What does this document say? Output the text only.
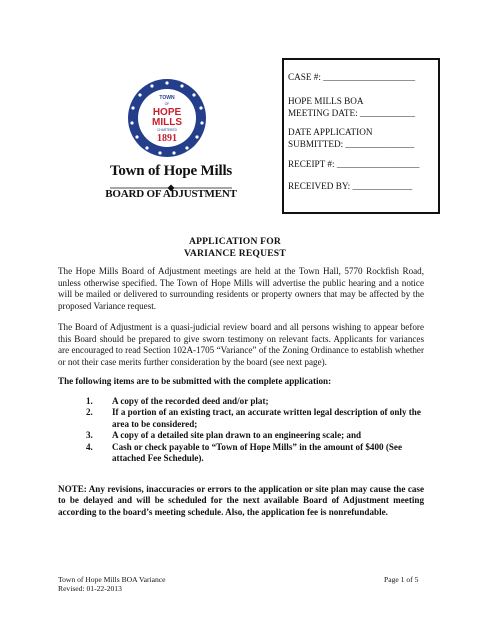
TOWN
OF
HOPE
MILLS
CHARTERED
1891
Town of Hope Mills
BOARD OF ADJUSTMENT
CASE #: ____________________
HOPE MILLS BOA
MEETING DATE: ____________
DATE APPLICATION
SUBMITTED: _______________
RECEIPT #: __________________
RECEIVED BY: _____________
APPLICATION FOR
VARIANCE REQUEST
The Hope Mills Board of Adjustment meetings are held at the Town Hall, 5770 Rockfish Road, unless otherwise specified. The Town of Hope Mills will advertise the public hearing and a notice will be mailed or delivered to surrounding residents or property owners that may be affected by the proposed Variance request.
The Board of Adjustment is a quasi-judicial review board and all persons wishing to appear before this Board should be prepared to give sworn testimony on relevant facts. Applicants for variances are encouraged to read Section 102A-1705 “Variance” of the Zoning Ordinance to establish whether or not their case merits further consideration by the board (see next page).
The following items are to be submitted with the complete application:
1.	A copy of the recorded deed and/or plat;
2.	If a portion of an existing tract, an accurate written legal description of only the area to be considered;
3.	A copy of a detailed site plan drawn to an engineering scale; and
4.	Cash or check payable to “Town of Hope Mills” in the amount of $400 (See attached Fee Schedule).
NOTE: Any revisions, inaccuracies or errors to the application or site plan may cause the case to be delayed and will be scheduled for the next available Board of Adjustment meeting according to the board’s meeting schedule. Also, the application fee is nonrefundable.
Town of Hope Mills BOA Variance
Revised: 01-22-2013
Page 1 of 5
